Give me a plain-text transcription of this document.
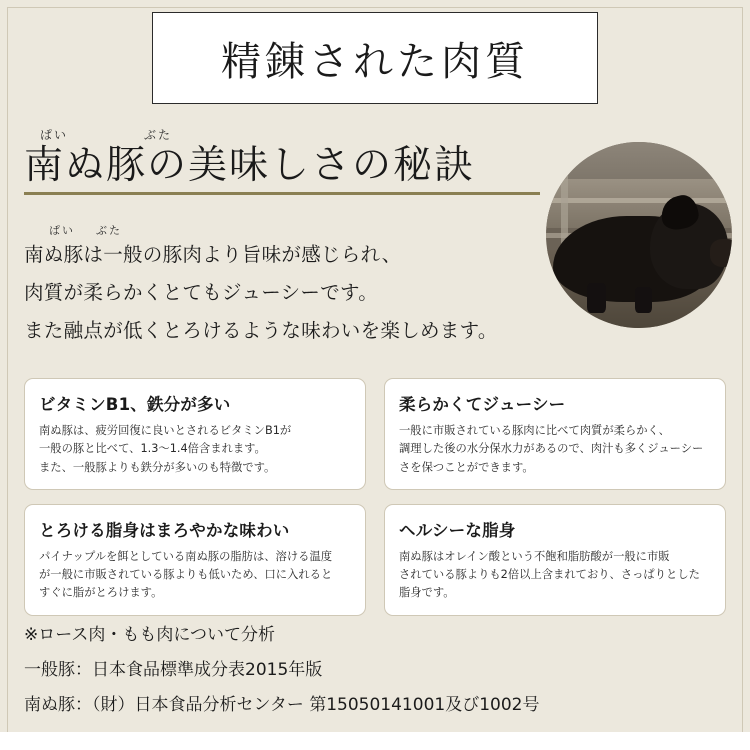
精錬された肉質
ぱい	ぶた
南ぬ豚の美味しさの秘訣
ぱい ぶた
南ぬ豚は一般の豚肉より旨味が感じられ、
肉質が柔らかくとてもジューシーです。
また融点が低くとろけるような味わいを楽しめます。
ビタミンB1、鉄分が多い
南ぬ豚は、疲労回復に良いとされるビタミンB1が
一般の豚と比べて、1.3〜1.4倍含まれます。
また、一般豚よりも鉄分が多いのも特徴です。
柔らかくてジューシー
一般に市販されている豚肉に比べて肉質が柔らかく、
調理した後の水分保水力があるので、肉汁も多くジューシー
さを保つことができます。
とろける脂身はまろやかな味わい
パイナップルを餌としている南ぬ豚の脂肪は、溶ける温度
が一般に市販されている豚よりも低いため、口に入れると
すぐに脂がとろけます。
ヘルシーな脂身
南ぬ豚はオレイン酸という不飽和脂肪酸が一般に市販
されている豚よりも2倍以上含まれており、さっぱりとした
脂身です。
※ロース肉・もも肉について分析
一般豚：日本食品標準成分表2015年版
南ぬ豚：（財）日本食品分析センター 第15050141001及び1002号
